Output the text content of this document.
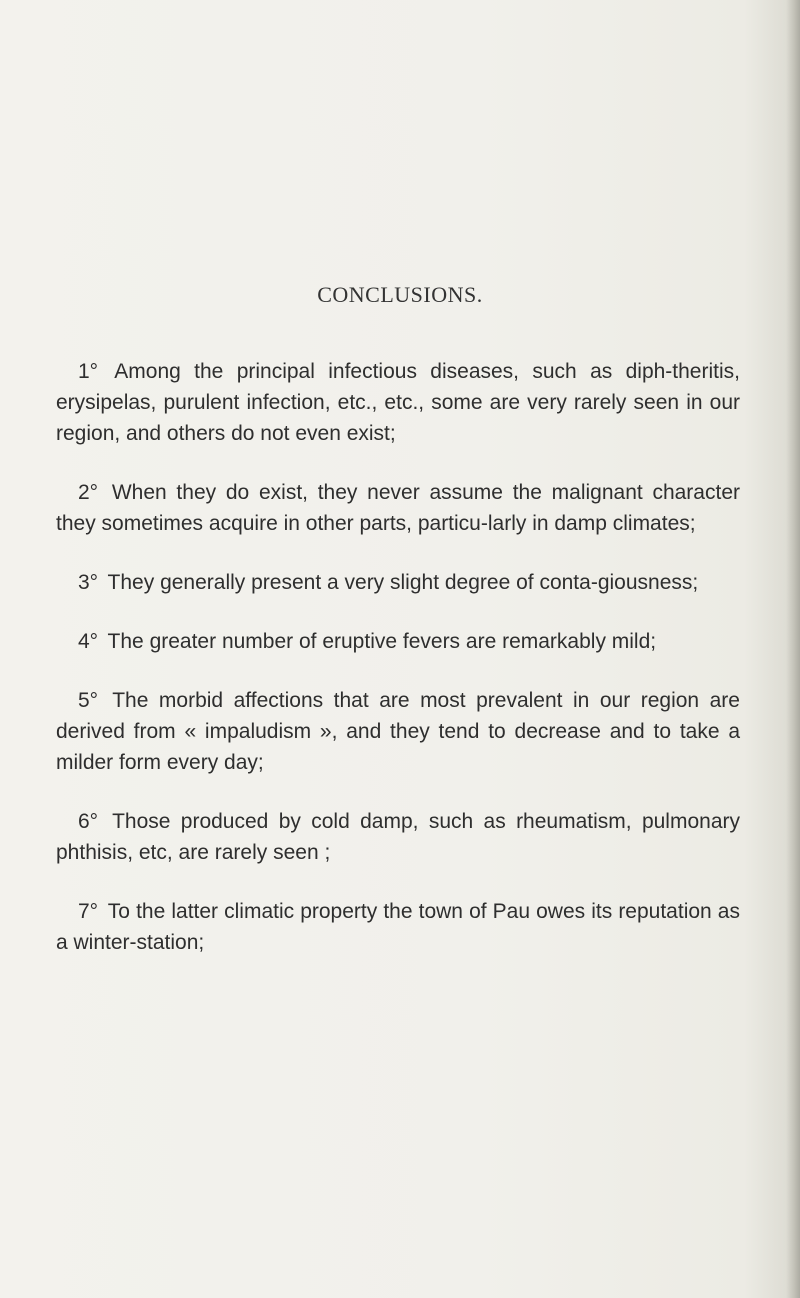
CONCLUSIONS.

1° Among the principal infectious diseases, such as diph-theritis, erysipelas, purulent infection, etc., etc., some are very rarely seen in our region, and others do not even exist;

2° When they do exist, they never assume the malignant character they sometimes acquire in other parts, particu-larly in damp climates;

3° They generally present a very slight degree of conta-giousness;

4° The greater number of eruptive fevers are remarkably mild;

5° The morbid affections that are most prevalent in our region are derived from « impaludism », and they tend to decrease and to take a milder form every day;

6° Those produced by cold damp, such as rheumatism, pulmonary phthisis, etc, are rarely seen ;

7° To the latter climatic property the town of Pau owes its reputation as a winter-station;
